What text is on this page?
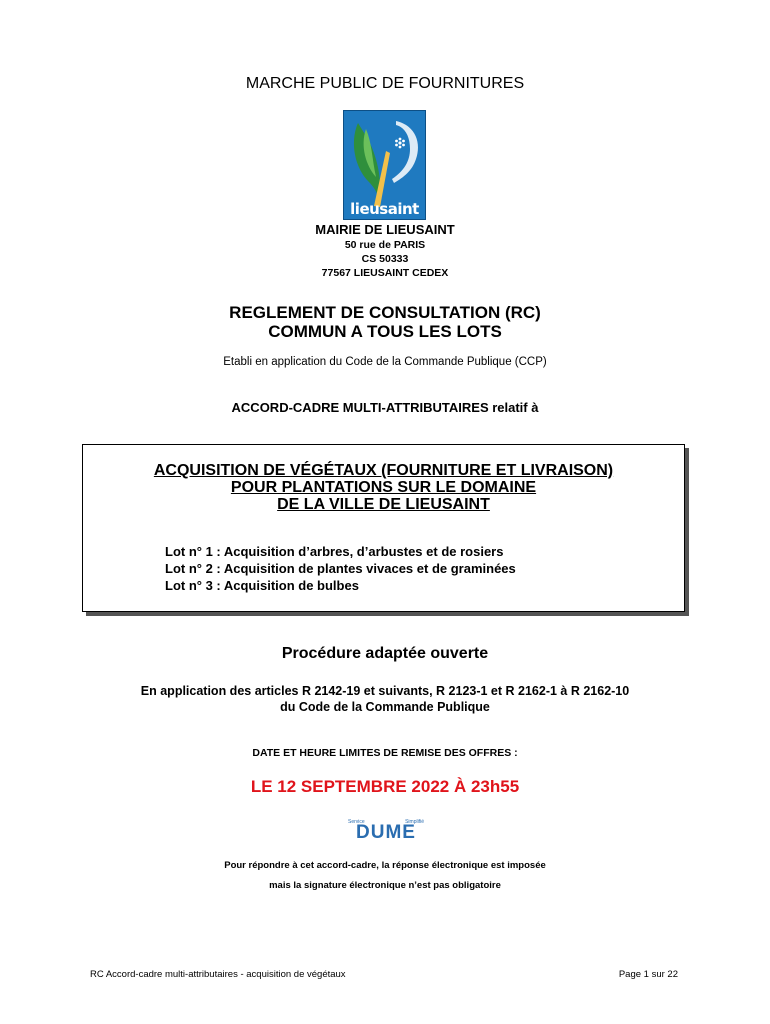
MARCHE PUBLIC DE FOURNITURES
lieusaint
MAIRIE DE LIEUSAINT
50 rue de PARIS
CS 50333
77567 LIEUSAINT CEDEX
REGLEMENT DE CONSULTATION (RC)
COMMUN A TOUS LES LOTS
Etabli en application du Code de la Commande Publique (CCP)
ACCORD-CADRE MULTI-ATTRIBUTAIRES relatif à
ACQUISITION DE VÉGÉTAUX (FOURNITURE ET LIVRAISON)
POUR PLANTATIONS SUR LE DOMAINE
DE LA VILLE DE LIEUSAINT
Lot n° 1 : Acquisition d’arbres, d’arbustes et de rosiers
Lot n° 2 : Acquisition de plantes vivaces et de graminées
Lot n° 3 : Acquisition de bulbes
Procédure adaptée ouverte
En application des articles R 2142-19 et suivants, R 2123-1 et R 2162-1 à R 2162-10
du Code de la Commande Publique
DATE ET HEURE LIMITES DE REMISE DES OFFRES :
LE 12 SEPTEMBRE 2022 À 23h55
Service	Simplifié
DUME
Pour répondre à cet accord-cadre, la réponse électronique est imposée
mais la signature électronique n’est pas obligatoire
RC Accord-cadre multi-attributaires - acquisition de végétaux	Page 1 sur 22
